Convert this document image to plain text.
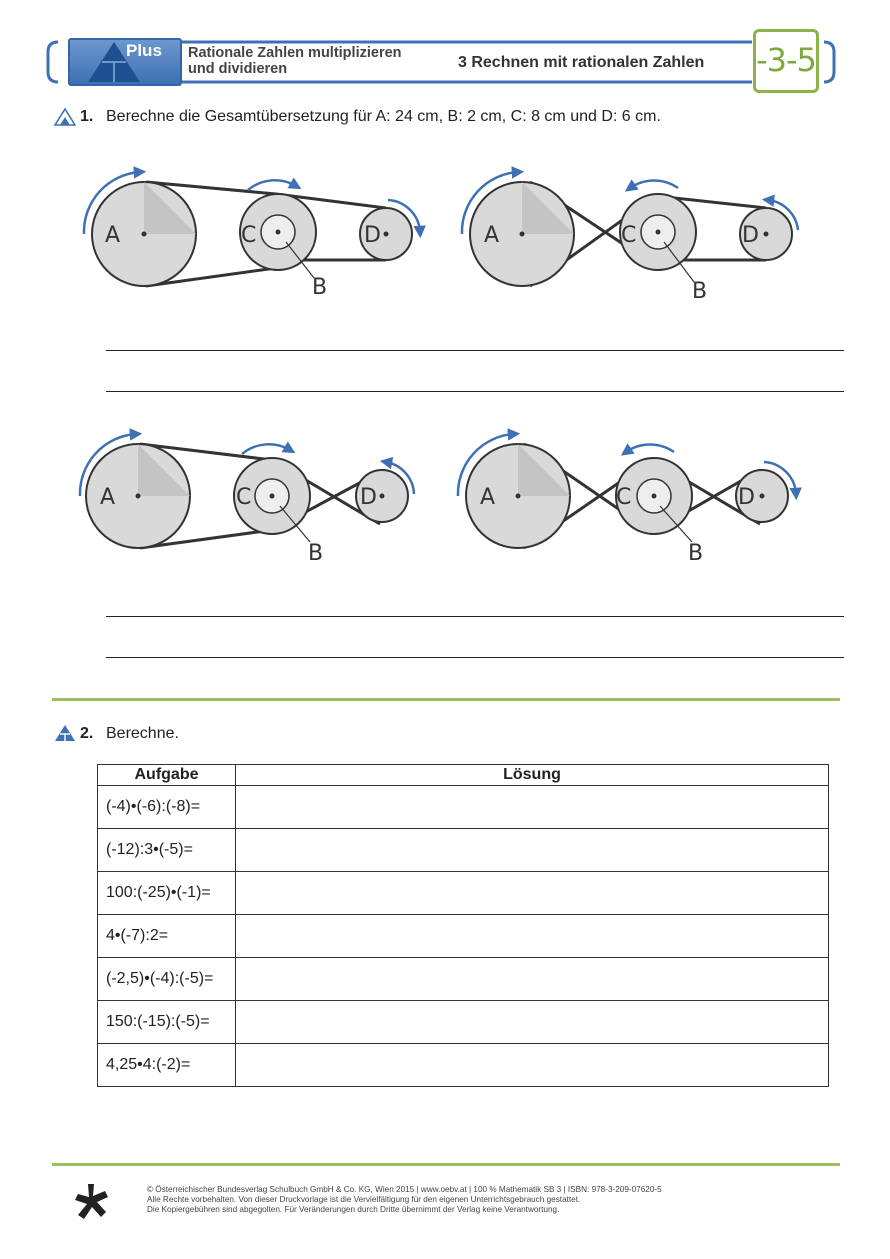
Plus Rationale Zahlen multiplizieren
und dividieren	3 Rechnen mit rationalen Zahlen -3-5
1. Berechne die Gesamtübersetzung für A: 24 cm, B: 2 cm, C: 8 cm und D: 6 cm.
A	C	D
B
A	C	D
B
A	C	D
B
A	C	D
B
2. Berechne.
Aufgabe	Lösung
(-4)•(-6):(-8)=	
(-12):3•(-5)=	
100:(-25)•(-1)=	
4•(-7):2=	
(-2,5)•(-4):(-5)=	
150:(-15):(-5)=	
4,25•4:(-2)=	
© Österreichischer Bundesverlag Schulbuch GmbH & Co. KG, Wien 2015 | www.oebv.at | 100 % Mathematik SB 3 | ISBN: 978-3-209-07620-5
Alle Rechte vorbehalten. Von dieser Druckvorlage ist die Vervielfältigung für den eigenen Unterrichtsgebrauch gestattet.
Die Kopiergebühren sind abgegolten. Für Veränderungen durch Dritte übernimmt der Verlag keine Verantwortung.
